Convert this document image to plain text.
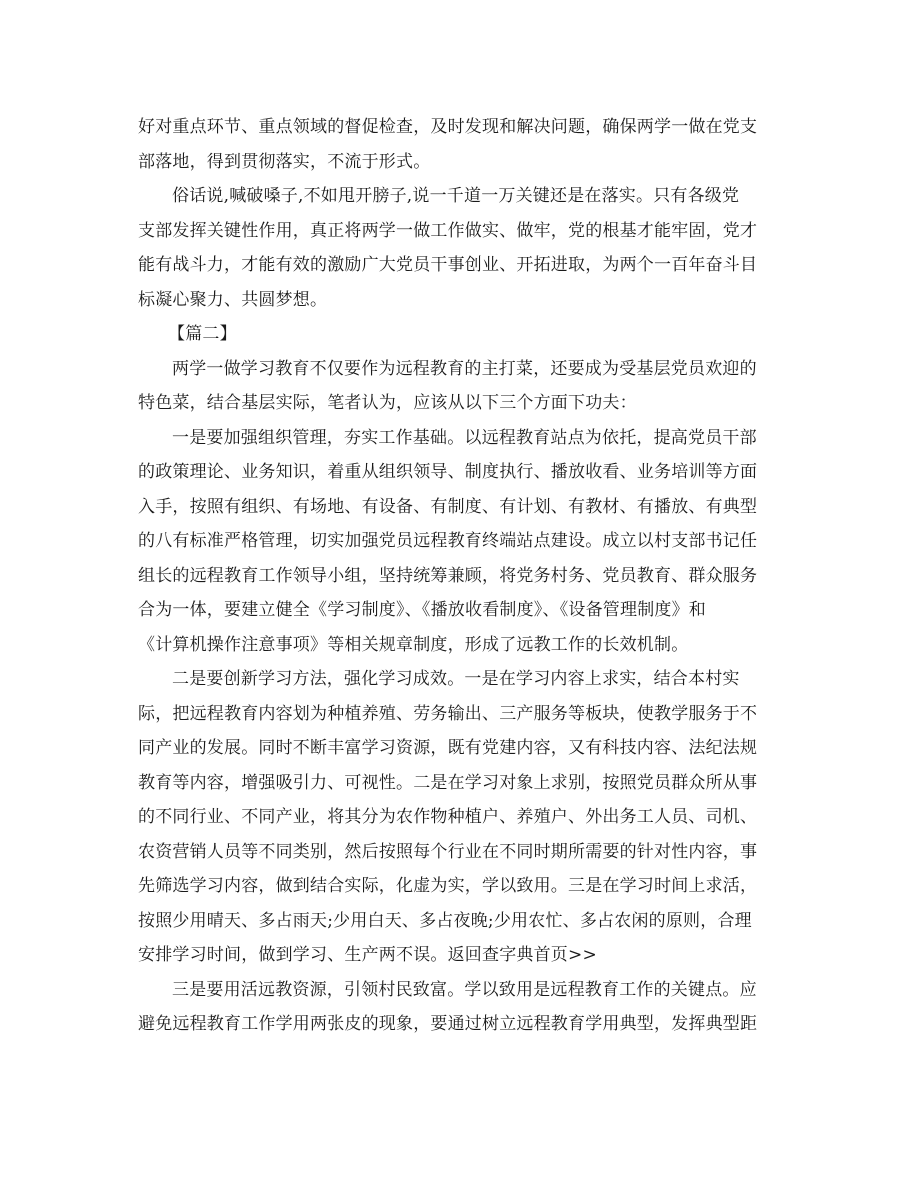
好对重点环节、重点领域的督促检查，及时发现和解决问题，确保两学一做在党支
部落地，得到贯彻落实，不流于形式。
俗话说,喊破嗓子,不如甩开膀子,说一千道一万关键还是在落实。只有各级党
支部发挥关键性作用，真正将两学一做工作做实、做牢，党的根基才能牢固，党才
能有战斗力，才能有效的激励广大党员干事创业、开拓进取，为两个一百年奋斗目
标凝心聚力、共圆梦想。
【篇二】
两学一做学习教育不仅要作为远程教育的主打菜，还要成为受基层党员欢迎的
特色菜，结合基层实际，笔者认为，应该从以下三个方面下功夫：
一是要加强组织管理，夯实工作基础。以远程教育站点为依托，提高党员干部
的政策理论、业务知识，着重从组织领导、制度执行、播放收看、业务培训等方面
入手，按照有组织、有场地、有设备、有制度、有计划、有教材、有播放、有典型
的八有标准严格管理，切实加强党员远程教育终端站点建设。成立以村支部书记任
组长的远程教育工作领导小组，坚持统筹兼顾，将党务村务、党员教育、群众服务
合为一体，要建立健全《学习制度》、《播放收看制度》、《设备管理制度》和
《计算机操作注意事项》等相关规章制度，形成了远教工作的长效机制。
二是要创新学习方法，强化学习成效。一是在学习内容上求实，结合本村实
际，把远程教育内容划为种植养殖、劳务输出、三产服务等板块，使教学服务于不
同产业的发展。同时不断丰富学习资源，既有党建内容，又有科技内容、法纪法规
教育等内容，增强吸引力、可视性。二是在学习对象上求别，按照党员群众所从事
的不同行业、不同产业，将其分为农作物种植户、养殖户、外出务工人员、司机、
农资营销人员等不同类别，然后按照每个行业在不同时期所需要的针对性内容，事
先筛选学习内容，做到结合实际，化虚为实，学以致用。三是在学习时间上求活，
按照少用晴天、多占雨天;少用白天、多占夜晚;少用农忙、多占农闲的原则，合理
安排学习时间，做到学习、生产两不误。返回查字典首页>>
三是要用活远教资源，引领村民致富。学以致用是远程教育工作的关键点。应
避免远程教育工作学用两张皮的现象，要通过树立远程教育学用典型，发挥典型距
